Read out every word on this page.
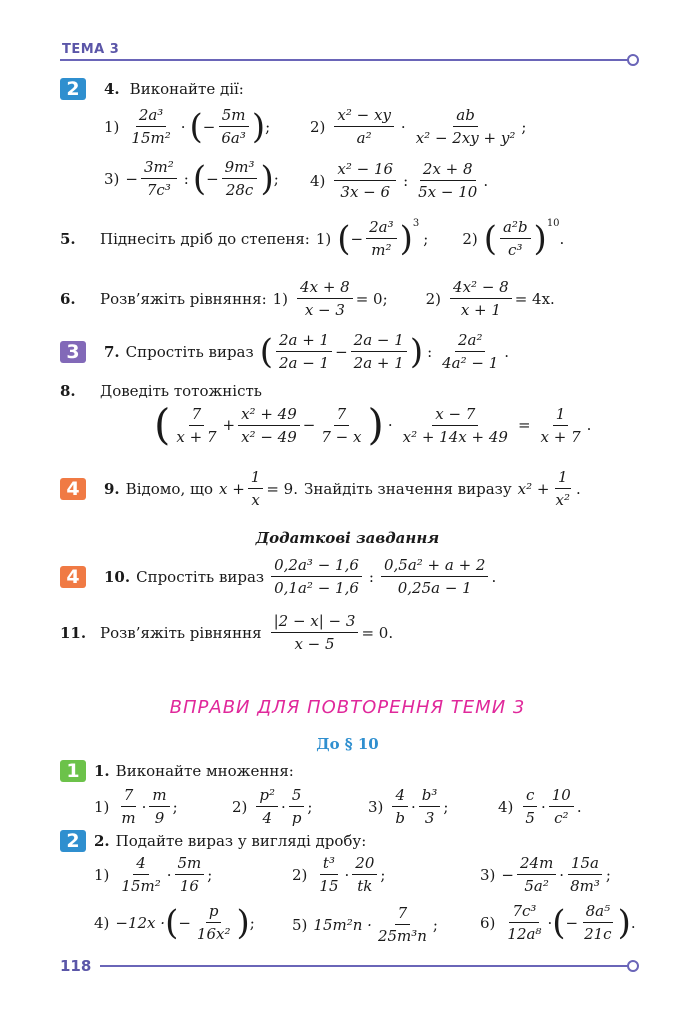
ТЕМА 3
2	4. Виконайте дії:
$1) \frac{\text{2a³}}{\text{15m²}}$ · ( − $\frac{5m}{\text{6a³}}$ ) ;	$2) \frac{\text{x² − xy}}{\text{a²}} \cdot \frac{ab}{\text{x² − 2xy + y²}}$ ;
$3) - \frac{\text{3m²}}{\text{7c³}}$ : ( − $\frac{\text{9m³}}{28c}$ ) ; $4) \frac{\text{x² − 16}}{3x - 6}$ : $\frac{2x + 8}{5x - 10}$ .
5.	Піднесіть дріб до степеня: 1) ( − $\frac{\text{2a³}}{\text{m²}}$ ) 3
; 2) ( $\frac{\text{a²b}}{\text{c³}}$ ) 10
.
6.	Розв’яжіть рівняння: $1) \frac{4x + 8}{x - 3} = 0$;	$2) \frac{\text{4x² − 8}}{x + 1} = 4x$.
3	7. Спростіть вираз ( $\frac{2a + 1}{2a - 1} - \frac{2a - 1}{2a + 1}$ ) : $\frac{\text{2a²}}{\text{4a² − 1}}$ .
8.	Доведіть тотожність
( $\frac{7}{x + 7} + \frac{\text{x² + 49}}{\text{x² − 49}} - \frac{7}{7 - x}$ ) · $\frac{x - 7}{\text{x² + 14x + 49}} = \frac{1}{x + 7}$ .
4	9. Відомо, що $x + \frac{1}{x} = 9$. Знайдіть значення виразу $x^2 + \frac{1}{\text{x²}}$ .
Додаткові завдання
4	10. Спростіть вираз $\frac{\text{0,2a³ − 1,6}}{\text{0,1a² − 1,6}}$ : $\frac{\text{0,5a² + a + 2}}{0,25a - 1}$ .
11. Розв’яжіть рівняння $\frac{|2 - x| - 3}{x - 5} = 0$.
ВПРАВИ ДЛЯ ПОВТОРЕННЯ ТЕМИ 3
До § 10
1 1. Виконайте множення:
$1) \frac{7}{m} \cdot \frac{m}{9}$ ;	$2) \frac{\text{p²}}{4} \cdot \frac{5}{p}$ ;	$3) \frac{4}{b} \cdot \frac{\text{b³}}{3}$ ;	$4) \frac{c}{5} \cdot \frac{10}{\text{c²}}$ .
2 2. Подайте вираз у вигляді дробу:
$1) \frac{4}{\text{15m²}} \cdot \frac{5m}{16}$ ;	$2) \frac{\text{t³}}{15} \cdot \frac{20}{tk}$ ;	$3) - \frac{24m}{\text{5a²}} \cdot \frac{15a}{\text{8m³}}$ ;
4) −12x · ( − $\frac{p}{\text{16x²}}$ ) ; 5) $15m^2n \cdot \frac{7}{\text{25m³n}}$ ;	$6) \frac{\text{7c³}}{\text{12a⁸}}$ · ( − $\frac{\text{8a⁵}}{21c}$ ) .
118
